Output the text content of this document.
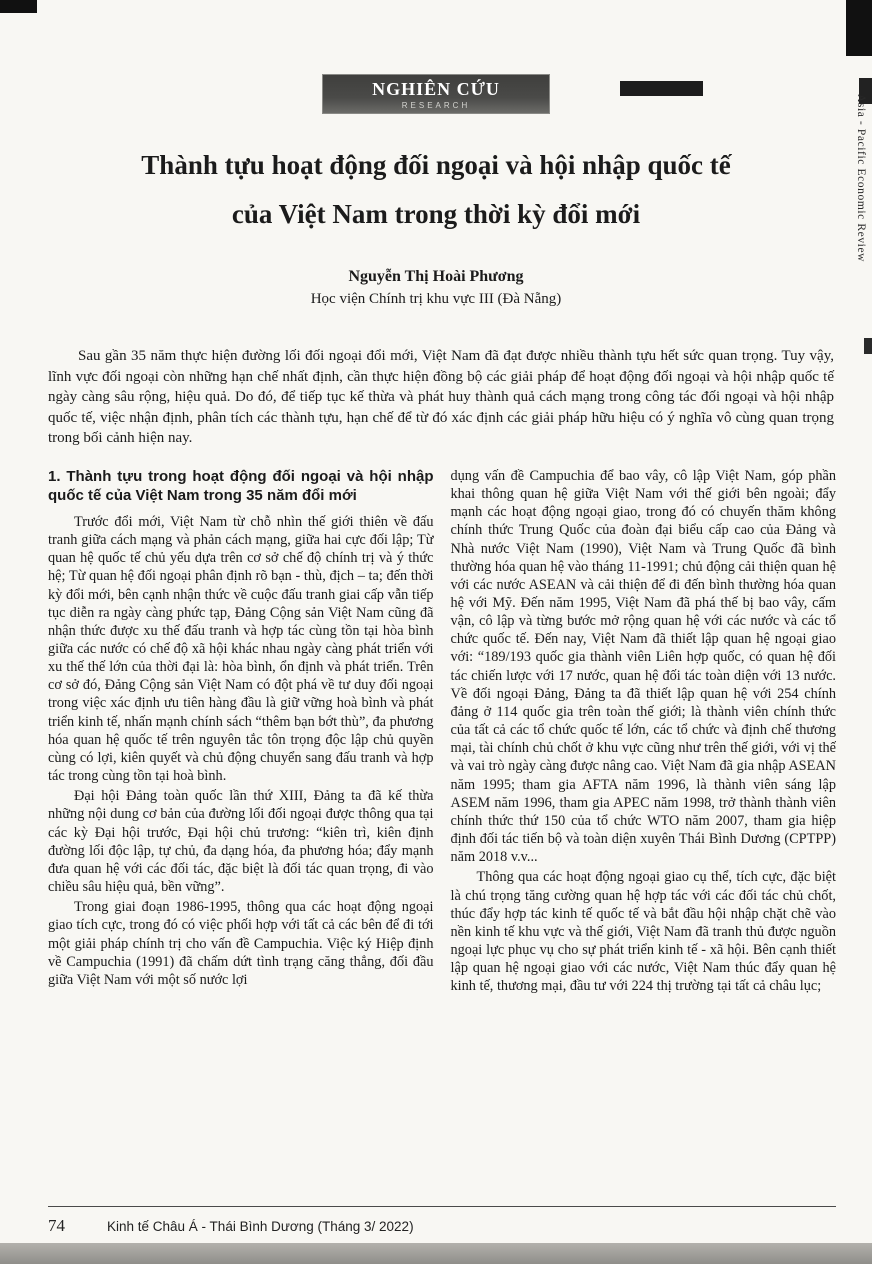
NGHIÊN CỨU
RESEARCH
Thành tựu hoạt động đối ngoại và hội nhập quốc tế
của Việt Nam trong thời kỳ đổi mới
Nguyễn Thị Hoài Phương
Học viện Chính trị khu vực III (Đà Nẵng)

Sau gần 35 năm thực hiện đường lối đối ngoại đổi mới, Việt Nam đã đạt được nhiều thành tựu hết sức quan trọng. Tuy vậy, lĩnh vực đối ngoại còn những hạn chế nhất định, cần thực hiện đồng bộ các giải pháp để hoạt động đối ngoại và hội nhập quốc tế ngày càng sâu rộng, hiệu quả. Do đó, để tiếp tục kế thừa và phát huy thành quả cách mạng trong công tác đối ngoại và hội nhập quốc tế, việc nhận định, phân tích các thành tựu, hạn chế để từ đó xác định các giải pháp hữu hiệu có ý nghĩa vô cùng quan trọng trong bối cảnh hiện nay.

1. Thành tựu trong hoạt động đối ngoại và hội nhập quốc tế của Việt Nam trong 35 năm đổi mới

Trước đổi mới, Việt Nam từ chỗ nhìn thế giới thiên về đấu tranh giữa cách mạng và phản cách mạng, giữa hai cực đối lập; Từ quan hệ quốc tế chủ yếu dựa trên cơ sở chế độ chính trị và ý thức hệ; Từ quan hệ đối ngoại phân định rõ bạn - thù, địch – ta; đến thời kỳ đổi mới, bên cạnh nhận thức về cuộc đấu tranh giai cấp vẫn tiếp tục diễn ra ngày càng phức tạp, Đảng Cộng sản Việt Nam cũng đã nhận thức được xu thế đấu tranh và hợp tác cùng tồn tại hòa bình giữa các nước có chế độ xã hội khác nhau ngày càng phát triển với xu thế thế lớn của thời đại là: hòa bình, ổn định và phát triển. Trên cơ sở đó, Đảng Cộng sản Việt Nam có đột phá về tư duy đối ngoại trong việc xác định ưu tiên hàng đầu là giữ vững hoà bình và phát triển kinh tế, nhấn mạnh chính sách “thêm bạn bớt thù”, đa phương hóa quan hệ quốc tế trên nguyên tắc tôn trọng độc lập chủ quyền cùng có lợi, kiên quyết và chủ động chuyển sang đấu tranh và hợp tác trong cùng tồn tại hoà bình.

Đại hội Đảng toàn quốc lần thứ XIII, Đảng ta đã kế thừa những nội dung cơ bản của đường lối đối ngoại được thông qua tại các kỳ Đại hội trước, Đại hội chủ trương: “kiên trì, kiên định đường lối độc lập, tự chủ, đa dạng hóa, đa phương hóa; đẩy mạnh đưa quan hệ với các đối tác, đặc biệt là đối tác quan trọng, đi vào chiều sâu hiệu quả, bền vững”.

Trong giai đoạn 1986-1995, thông qua các hoạt động ngoại giao tích cực, trong đó có việc phối hợp với tất cả các bên để đi tới một giải pháp chính trị cho vấn đề Campuchia. Việc ký Hiệp định về Campuchia (1991) đã chấm dứt tình trạng căng thẳng, đối đầu giữa Việt Nam với một số nước lợi

dụng vấn đề Campuchia để bao vây, cô lập Việt Nam, góp phần khai thông quan hệ giữa Việt Nam với thế giới bên ngoài; đẩy mạnh các hoạt động ngoại giao, trong đó có chuyến thăm không chính thức Trung Quốc của đoàn đại biểu cấp cao của Đảng và Nhà nước Việt Nam (1990), Việt Nam và Trung Quốc đã bình thường hóa quan hệ vào tháng 11-1991; chủ động cải thiện quan hệ với các nước ASEAN và cải thiện để đi đến bình thường hóa quan hệ với Mỹ. Đến năm 1995, Việt Nam đã phá thế bị bao vây, cấm vận, cô lập và từng bước mở rộng quan hệ với các nước và các tổ chức quốc tế. Đến nay, Việt Nam đã thiết lập quan hệ ngoại giao với: “189/193 quốc gia thành viên Liên hợp quốc, có quan hệ đối tác chiến lược với 17 nước, quan hệ đối tác toàn diện với 13 nước. Về đối ngoại Đảng, Đảng ta đã thiết lập quan hệ với 254 chính đảng ở 114 quốc gia trên toàn thế giới; là thành viên chính thức của tất cả các tổ chức quốc tế lớn, các tổ chức và định chế thương mại, tài chính chủ chốt ở khu vực cũng như trên thế giới, với vị thế và vai trò ngày càng được nâng cao. Việt Nam đã gia nhập ASEAN năm 1995; tham gia AFTA năm 1996, là thành viên sáng lập ASEM năm 1996, tham gia APEC năm 1998, trở thành thành viên chính thức thứ 150 của tổ chức WTO năm 2007, tham gia hiệp định đối tác tiến bộ và toàn diện xuyên Thái Bình Dương (CPTPP) năm 2018 v.v...

Thông qua các hoạt động ngoại giao cụ thể, tích cực, đặc biệt là chú trọng tăng cường quan hệ hợp tác với các đối tác chủ chốt, thúc đẩy hợp tác kinh tế quốc tế và bắt đầu hội nhập chặt chẽ vào nền kinh tế khu vực và thế giới, Việt Nam đã tranh thủ được nguồn ngoại lực phục vụ cho sự phát triển kinh tế - xã hội. Bên cạnh thiết lập quan hệ ngoại giao với các nước, Việt Nam thúc đẩy quan hệ kinh tế, thương mại, đầu tư với 224 thị trường tại tất cả châu lục;

Asia - Pacific Economic Review
74	Kinh tế Châu Á - Thái Bình Dương (Tháng 3/ 2022)
